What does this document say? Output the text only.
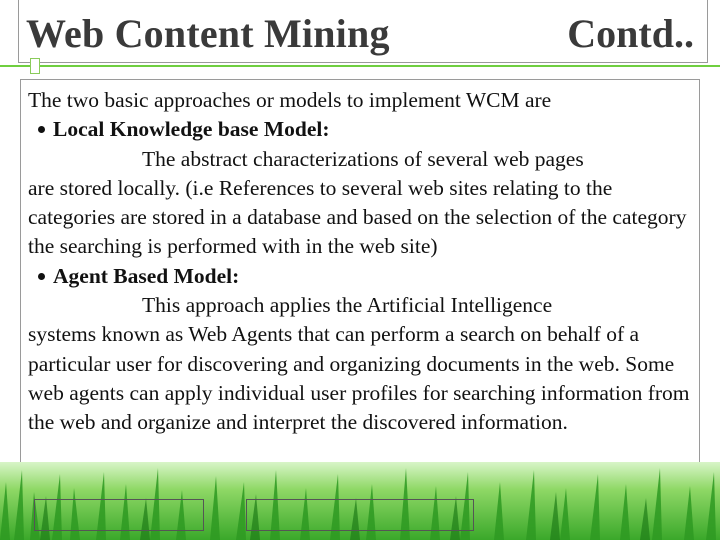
Web Content Mining	Contd..

The two basic approaches or models to implement WCM are

Local Knowledge base Model:
The abstract characterizations of several web pages

are stored locally. (i.e References to several web sites relating to the categories are stored in a database and based on the selection of the category the searching is performed with in the web site)

Agent Based Model:
This approach applies the Artificial Intelligence

systems known as Web Agents that can perform a search on behalf of a particular user for discovering and organizing documents in the web. Some web agents can apply individual user profiles for searching information from the web and organize and interpret the discovered information.
